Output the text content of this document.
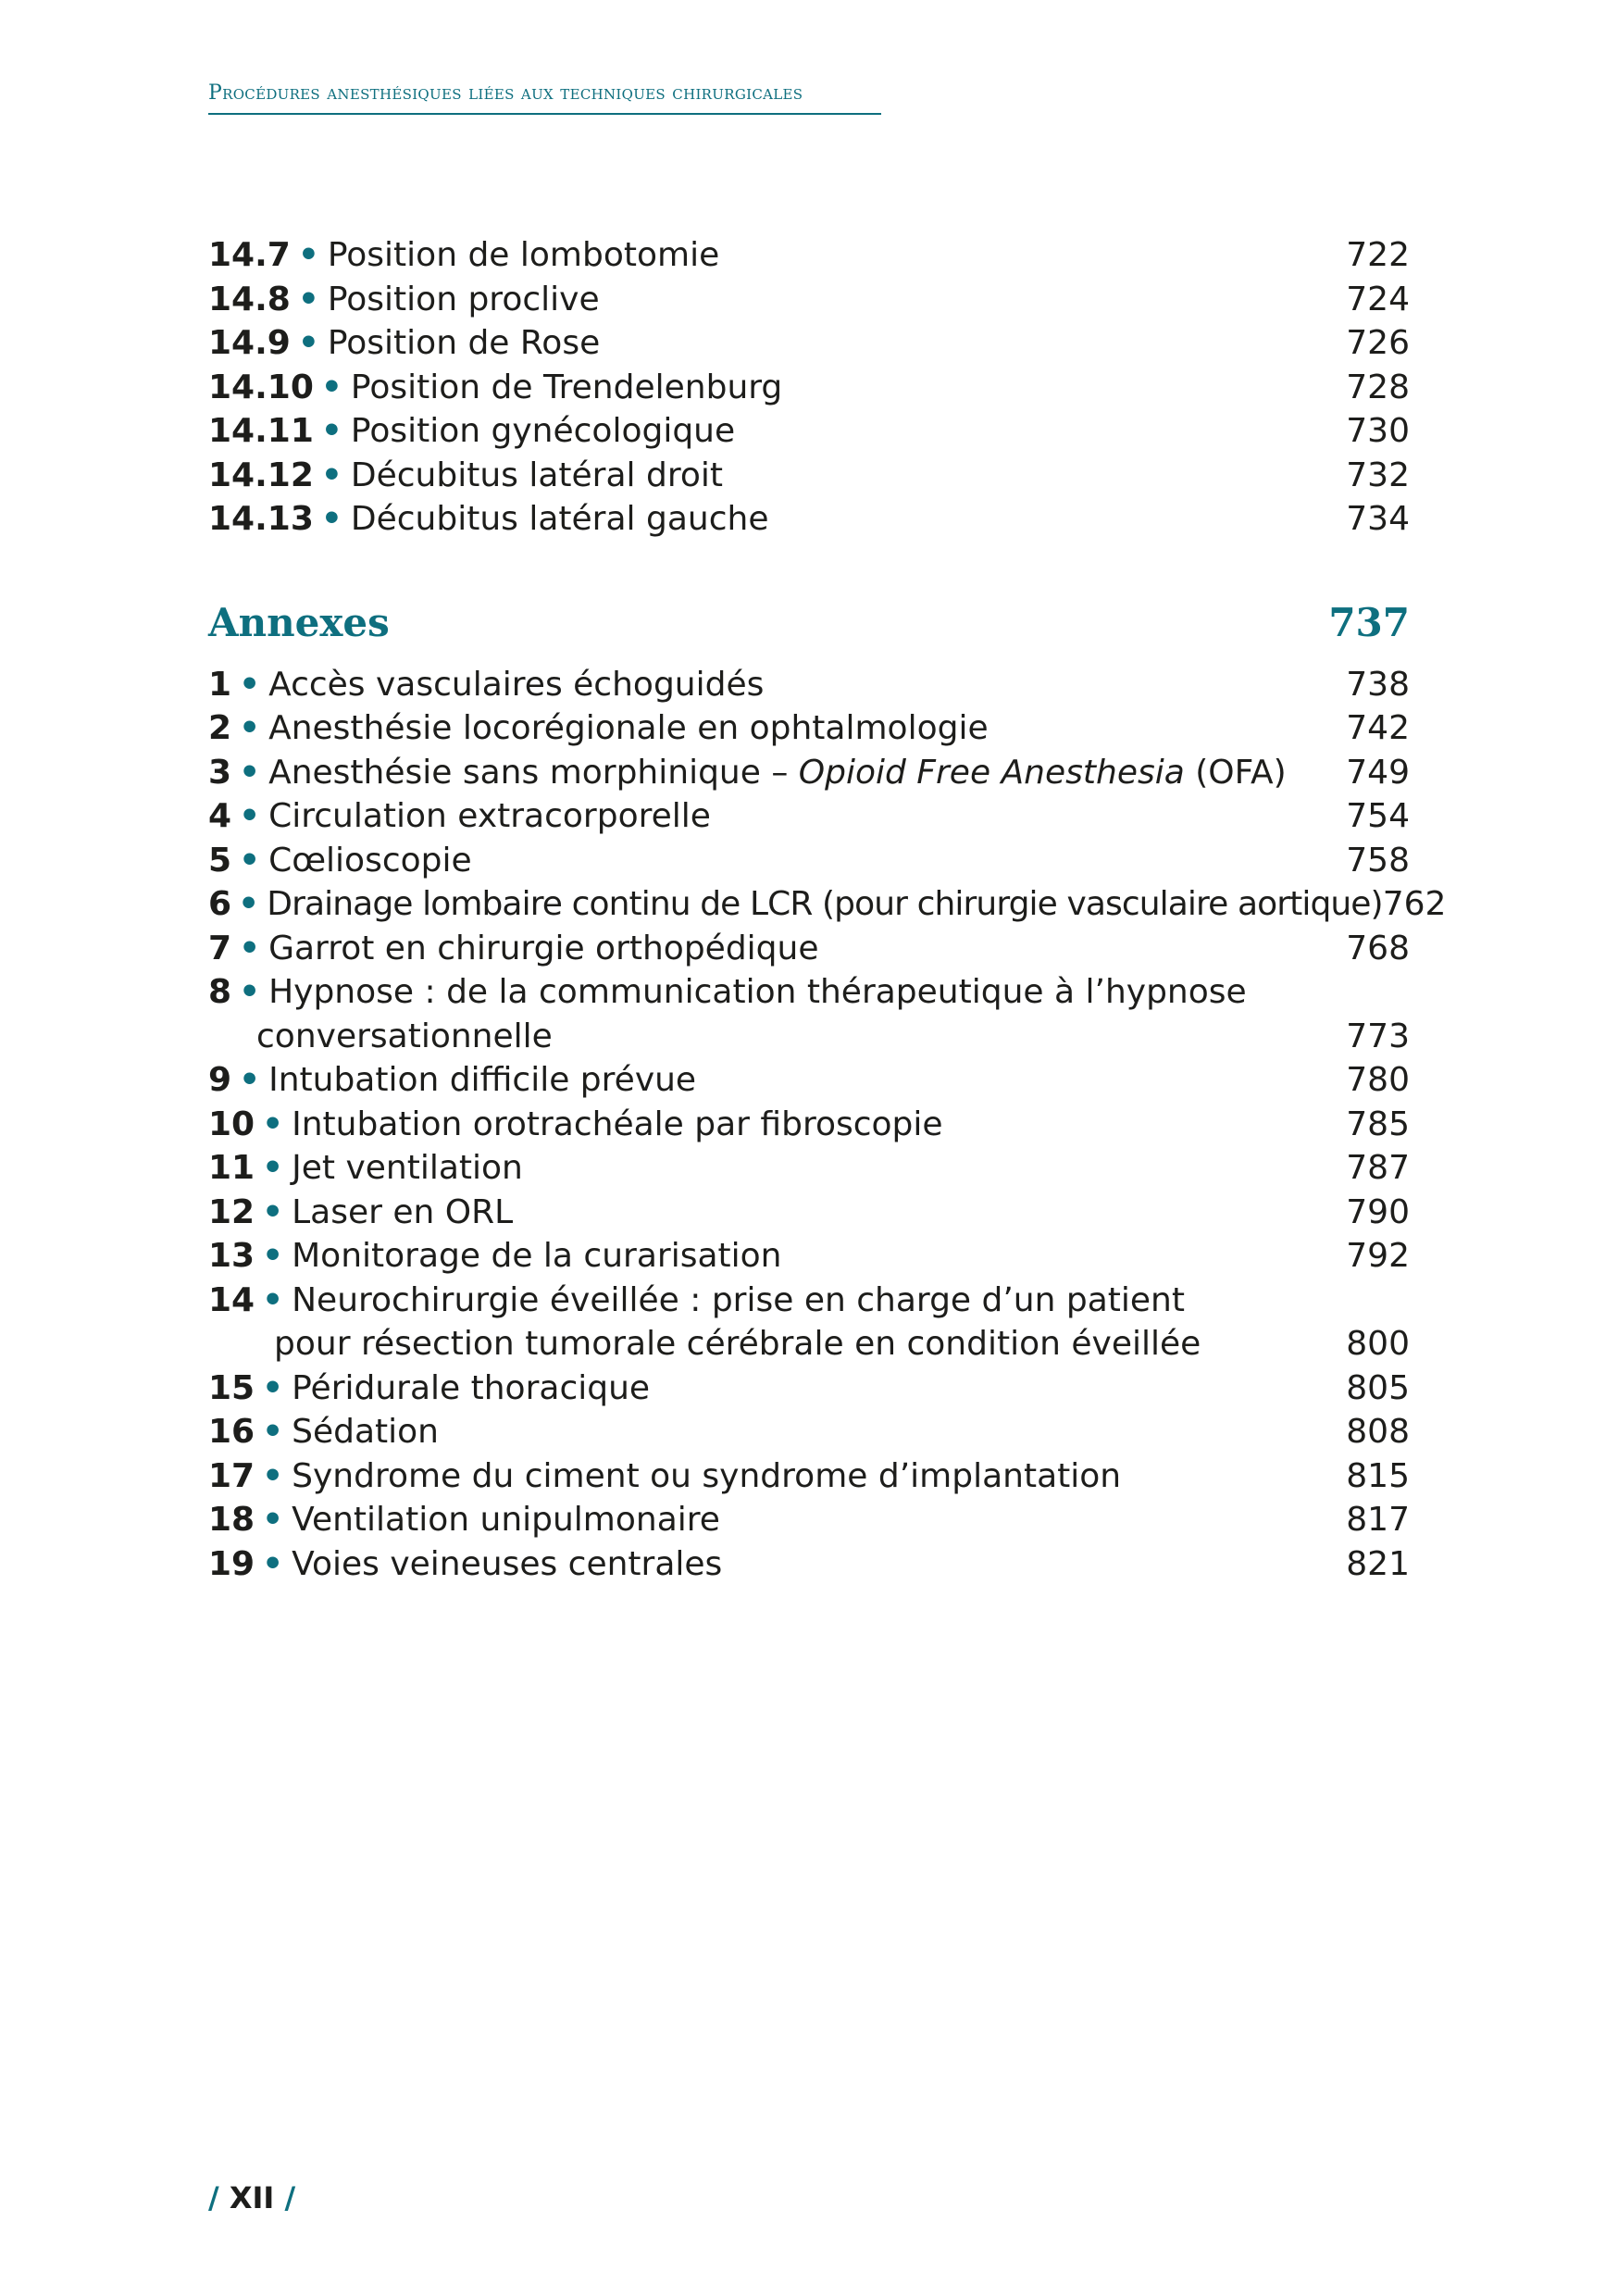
Procédures anesthésiques liées aux techniques chirurgicales
14.7 • Position de lombotomie	722
14.8 • Position proclive	724
14.9 • Position de Rose	726
14.10 • Position de Trendelenburg	728
14.11 • Position gynécologique	730
14.12 • Décubitus latéral droit	732
14.13 • Décubitus latéral gauche	734
Annexes	737
1 • Accès vasculaires échoguidés	738
2 • Anesthésie locorégionale en ophtalmologie	742
3 • Anesthésie sans morphinique – Opioid Free Anesthesia (OFA) 749
4 • Circulation extracorporelle	754
5 • Cœlioscopie	758
6 • Drainage lombaire continu de LCR (pour chirurgie vasculaire aortique) 762
7 • Garrot en chirurgie orthopédique	768
8 • Hypnose : de la communication thérapeutique à l’hypnose
conversationnelle	773
9 • Intubation difficile prévue	780
10 • Intubation orotrachéale par fibroscopie	785
11 • Jet ventilation	787
12 • Laser en ORL	790
13 • Monitorage de la curarisation	792
14 • Neurochirurgie éveillée : prise en charge d’un patient
pour résection tumorale cérébrale en condition éveillée	800
15 • Péridurale thoracique	805
16 • Sédation	808
17 • Syndrome du ciment ou syndrome d’implantation	815
18 • Ventilation unipulmonaire	817
19 • Voies veineuses centrales	821
/ XII /
